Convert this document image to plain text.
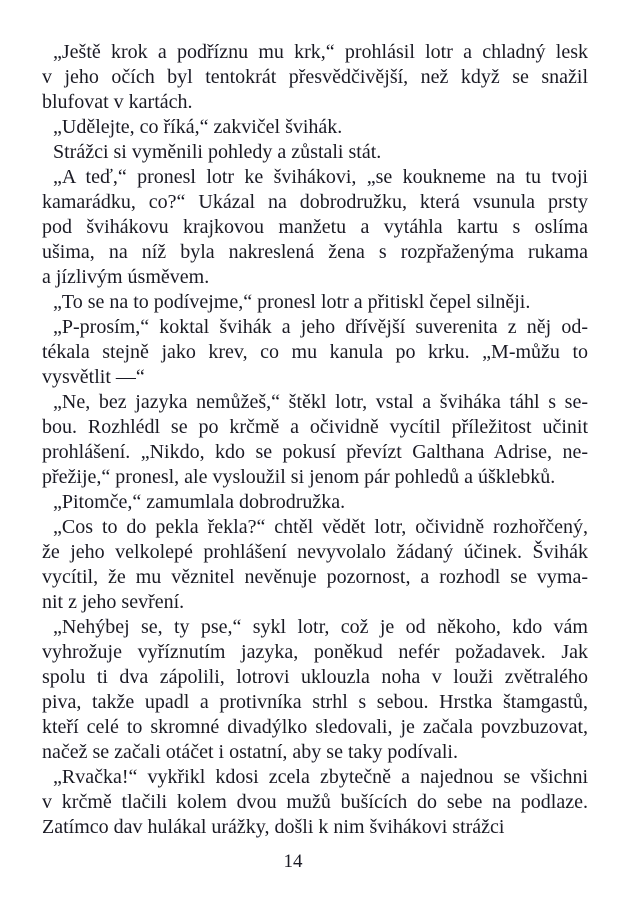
„Ještě krok a podříznu mu krk,“ prohlásil lotr a chladný lesk
v jeho očích byl tentokrát přesvědčivější, než když se snažil
blufovat v kartách.
„Udělejte, co říká,“ zakvičel švihák.
Strážci si vyměnili pohledy a zůstali stát.
„A teď,“ pronesl lotr ke švihákovi, „se koukneme na tu tvoji
kamarádku, co?“ Ukázal na dobrodružku, která vsunula prsty
pod švihákovu krajkovou manžetu a vytáhla kartu s oslíma
ušima, na níž byla nakreslená žena s rozpřaženýma rukama
a jízlivým úsměvem.
„To se na to podívejme,“ pronesl lotr a přitiskl čepel silněji.
„P-prosím,“ koktal švihák a jeho dřívější suverenita z něj od-
tékala stejně jako krev, co mu kanula po krku. „M-můžu to
vysvětlit —“
„Ne, bez jazyka nemůžeš,“ štěkl lotr, vstal a šviháka táhl s se-
bou. Rozhlédl se po krčmě a očividně vycítil příležitost učinit
prohlášení. „Nikdo, kdo se pokusí převízt Galthana Adrise, ne-
přežije,“ pronesl, ale vysloužil si jenom pár pohledů a úšklebků.
„Pitomče,“ zamumlala dobrodružka.
„Cos to do pekla řekla?“ chtěl vědět lotr, očividně rozhořčený,
že jeho velkolepé prohlášení nevyvolalo žádaný účinek. Švihák
vycítil, že mu věznitel nevěnuje pozornost, a rozhodl se vyma-
nit z jeho sevření.
„Nehýbej se, ty pse,“ sykl lotr, což je od někoho, kdo vám
vyhrožuje vyříznutím jazyka, poněkud nefér požadavek. Jak
spolu ti dva zápolili, lotrovi uklouzla noha v louži zvětralého
piva, takže upadl a protivníka strhl s sebou. Hrstka štamgastů,
kteří celé to skromné divadýlko sledovali, je začala povzbuzovat,
načež se začali otáčet i ostatní, aby se taky podívali.
„Rvačka!“ vykřikl kdosi zcela zbytečně a najednou se všichni
v krčmě tlačili kolem dvou mužů bušících do sebe na podlaze.
Zatímco dav hulákal urážky, došli k nim švihákovi strážci
14
